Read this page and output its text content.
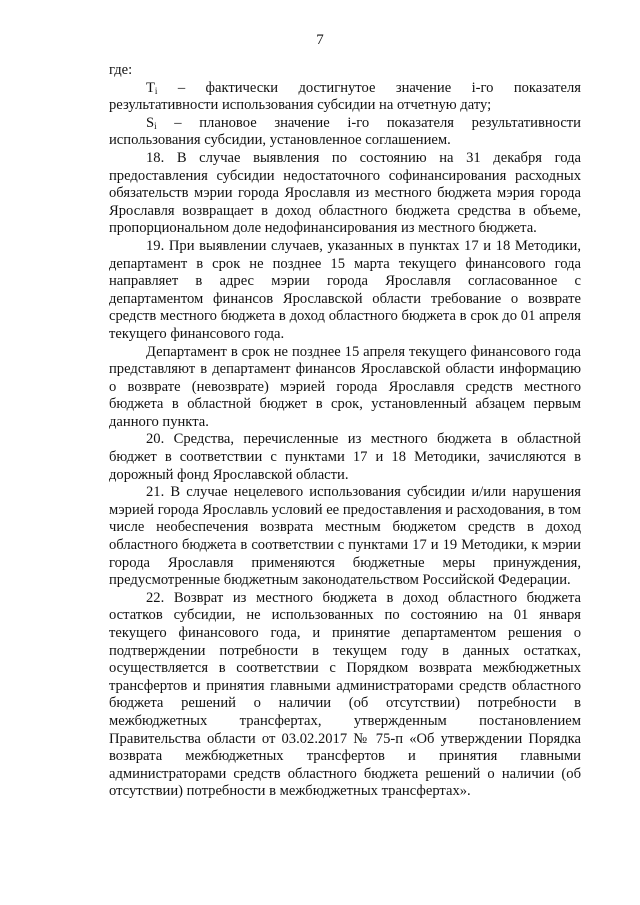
7

где:

$T_i$ – фактически достигнутое значение i-го показателя результативности использования субсидии на отчетную дату;

$S_i$ – плановое значение i-го показателя результативности использования субсидии, установленное соглашением.

18. В случае выявления по состоянию на 31 декабря года предоставления субсидии недостаточного софинансирования расходных обязательств мэрии города Ярославля из местного бюджета мэрия города Ярославля возвращает в доход областного бюджета средства в объеме, пропорциональном доле недофинансирования из местного бюджета.

19. При выявлении случаев, указанных в пунктах 17 и 18 Методики, департамент в срок не позднее 15 марта текущего финансового года направляет в адрес мэрии города Ярославля согласованное с департаментом финансов Ярославской области требование о возврате средств местного бюджета в доход областного бюджета в срок до 01 апреля текущего финансового года.

Департамент в срок не позднее 15 апреля текущего финансового года представляют в департамент финансов Ярославской области информацию о возврате (невозврате) мэрией города Ярославля средств местного бюджета в областной бюджет в срок, установленный абзацем первым данного пункта.

20. Средства, перечисленные из местного бюджета в областной бюджет в соответствии с пунктами 17 и 18 Методики, зачисляются в дорожный фонд Ярославской области.

21. В случае нецелевого использования субсидии и/или нарушения мэрией города Ярославль условий ее предоставления и расходования, в том числе необеспечения возврата местным бюджетом средств в доход областного бюджета в соответствии с пунктами 17 и 19 Методики, к мэрии города Ярославля применяются бюджетные меры принуждения, предусмотренные бюджетным законодательством Российской Федерации.

22. Возврат из местного бюджета в доход областного бюджета остатков субсидии, не использованных по состоянию на 01 января текущего финансового года, и принятие департаментом решения о подтверждении потребности в текущем году в данных остатках, осуществляется в соответствии с Порядком возврата межбюджетных трансфертов и принятия главными администраторами средств областного бюджета решений о наличии (об отсутствии) потребности в межбюджетных трансфертах, утвержденным постановлением Правительства области от 03.02.2017 № 75-п «Об утверждении Порядка возврата межбюджетных трансфертов и принятия главными администраторами средств областного бюджета решений о наличии (об отсутствии) потребности в межбюджетных трансфертах».
